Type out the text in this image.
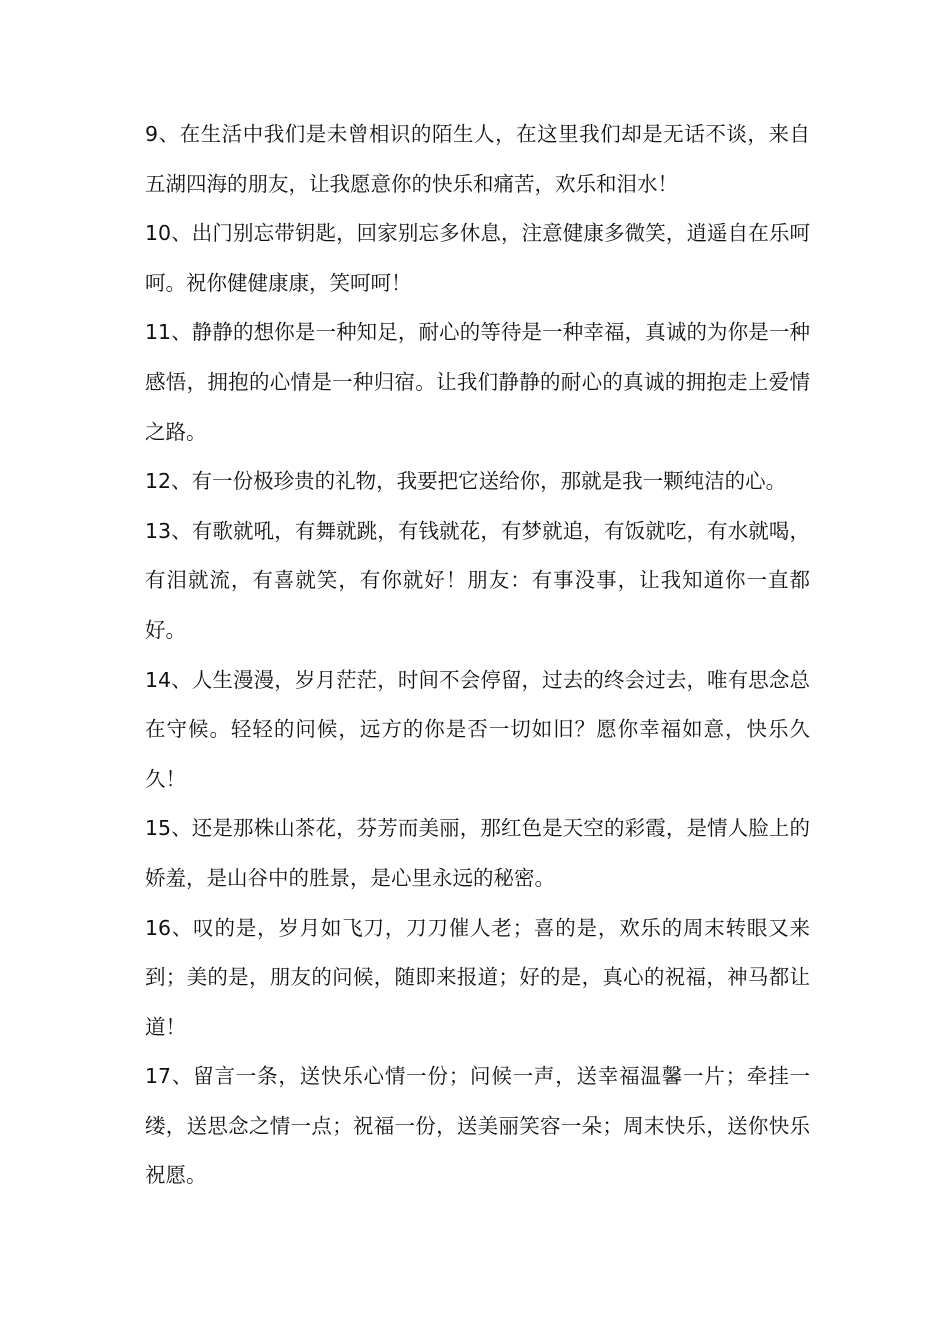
9、在生活中我们是未曾相识的陌生人，在这里我们却是无话不谈，来自五湖四海的朋友，让我愿意你的快乐和痛苦，欢乐和泪水！

10、出门别忘带钥匙，回家别忘多休息，注意健康多微笑，逍遥自在乐呵呵。祝你健健康康，笑呵呵！

11、静静的想你是一种知足，耐心的等待是一种幸福，真诚的为你是一种感悟，拥抱的心情是一种归宿。让我们静静的耐心的真诚的拥抱走上爱情之路。

12、有一份极珍贵的礼物，我要把它送给你，那就是我一颗纯洁的心。

13、有歌就吼，有舞就跳，有钱就花，有梦就追，有饭就吃，有水就喝，有泪就流，有喜就笑，有你就好！朋友：有事没事，让我知道你一直都好。

14、人生漫漫，岁月茫茫，时间不会停留，过去的终会过去，唯有思念总在守候。轻轻的问候，远方的你是否一切如旧？愿你幸福如意，快乐久久！

15、还是那株山茶花，芬芳而美丽，那红色是天空的彩霞，是情人脸上的娇羞，是山谷中的胜景，是心里永远的秘密。

16、叹的是，岁月如飞刀，刀刀催人老；喜的是，欢乐的周末转眼又来到；美的是，朋友的问候，随即来报道；好的是，真心的祝福，神马都让道！

17、留言一条，送快乐心情一份；问候一声，送幸福温馨一片；牵挂一缕，送思念之情一点；祝福一份，送美丽笑容一朵；周末快乐，送你快乐祝愿。
